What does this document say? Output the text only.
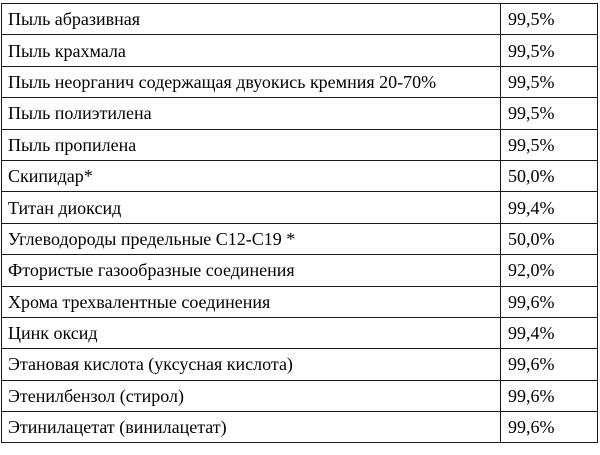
Пыль абразивная	99,5%
Пыль крахмала	99,5%
Пыль неорганич содержащая двуокись кремния 20-70%	99,5%
Пыль полиэтилена	99,5%
Пыль пропилена	99,5%
Скипидар*	50,0%
Титан диоксид	99,4%
Углеводороды предельные С12-С19 *	50,0%
Фтористые газообразные соединения	92,0%
Хрома трехвалентные соединения	99,6%
Цинк оксид	99,4%
Этановая кислота (уксусная кислота)	99,6%
Этенилбензол (стирол)	99,6%
Этинилацетат (винилацетат)	99,6%
